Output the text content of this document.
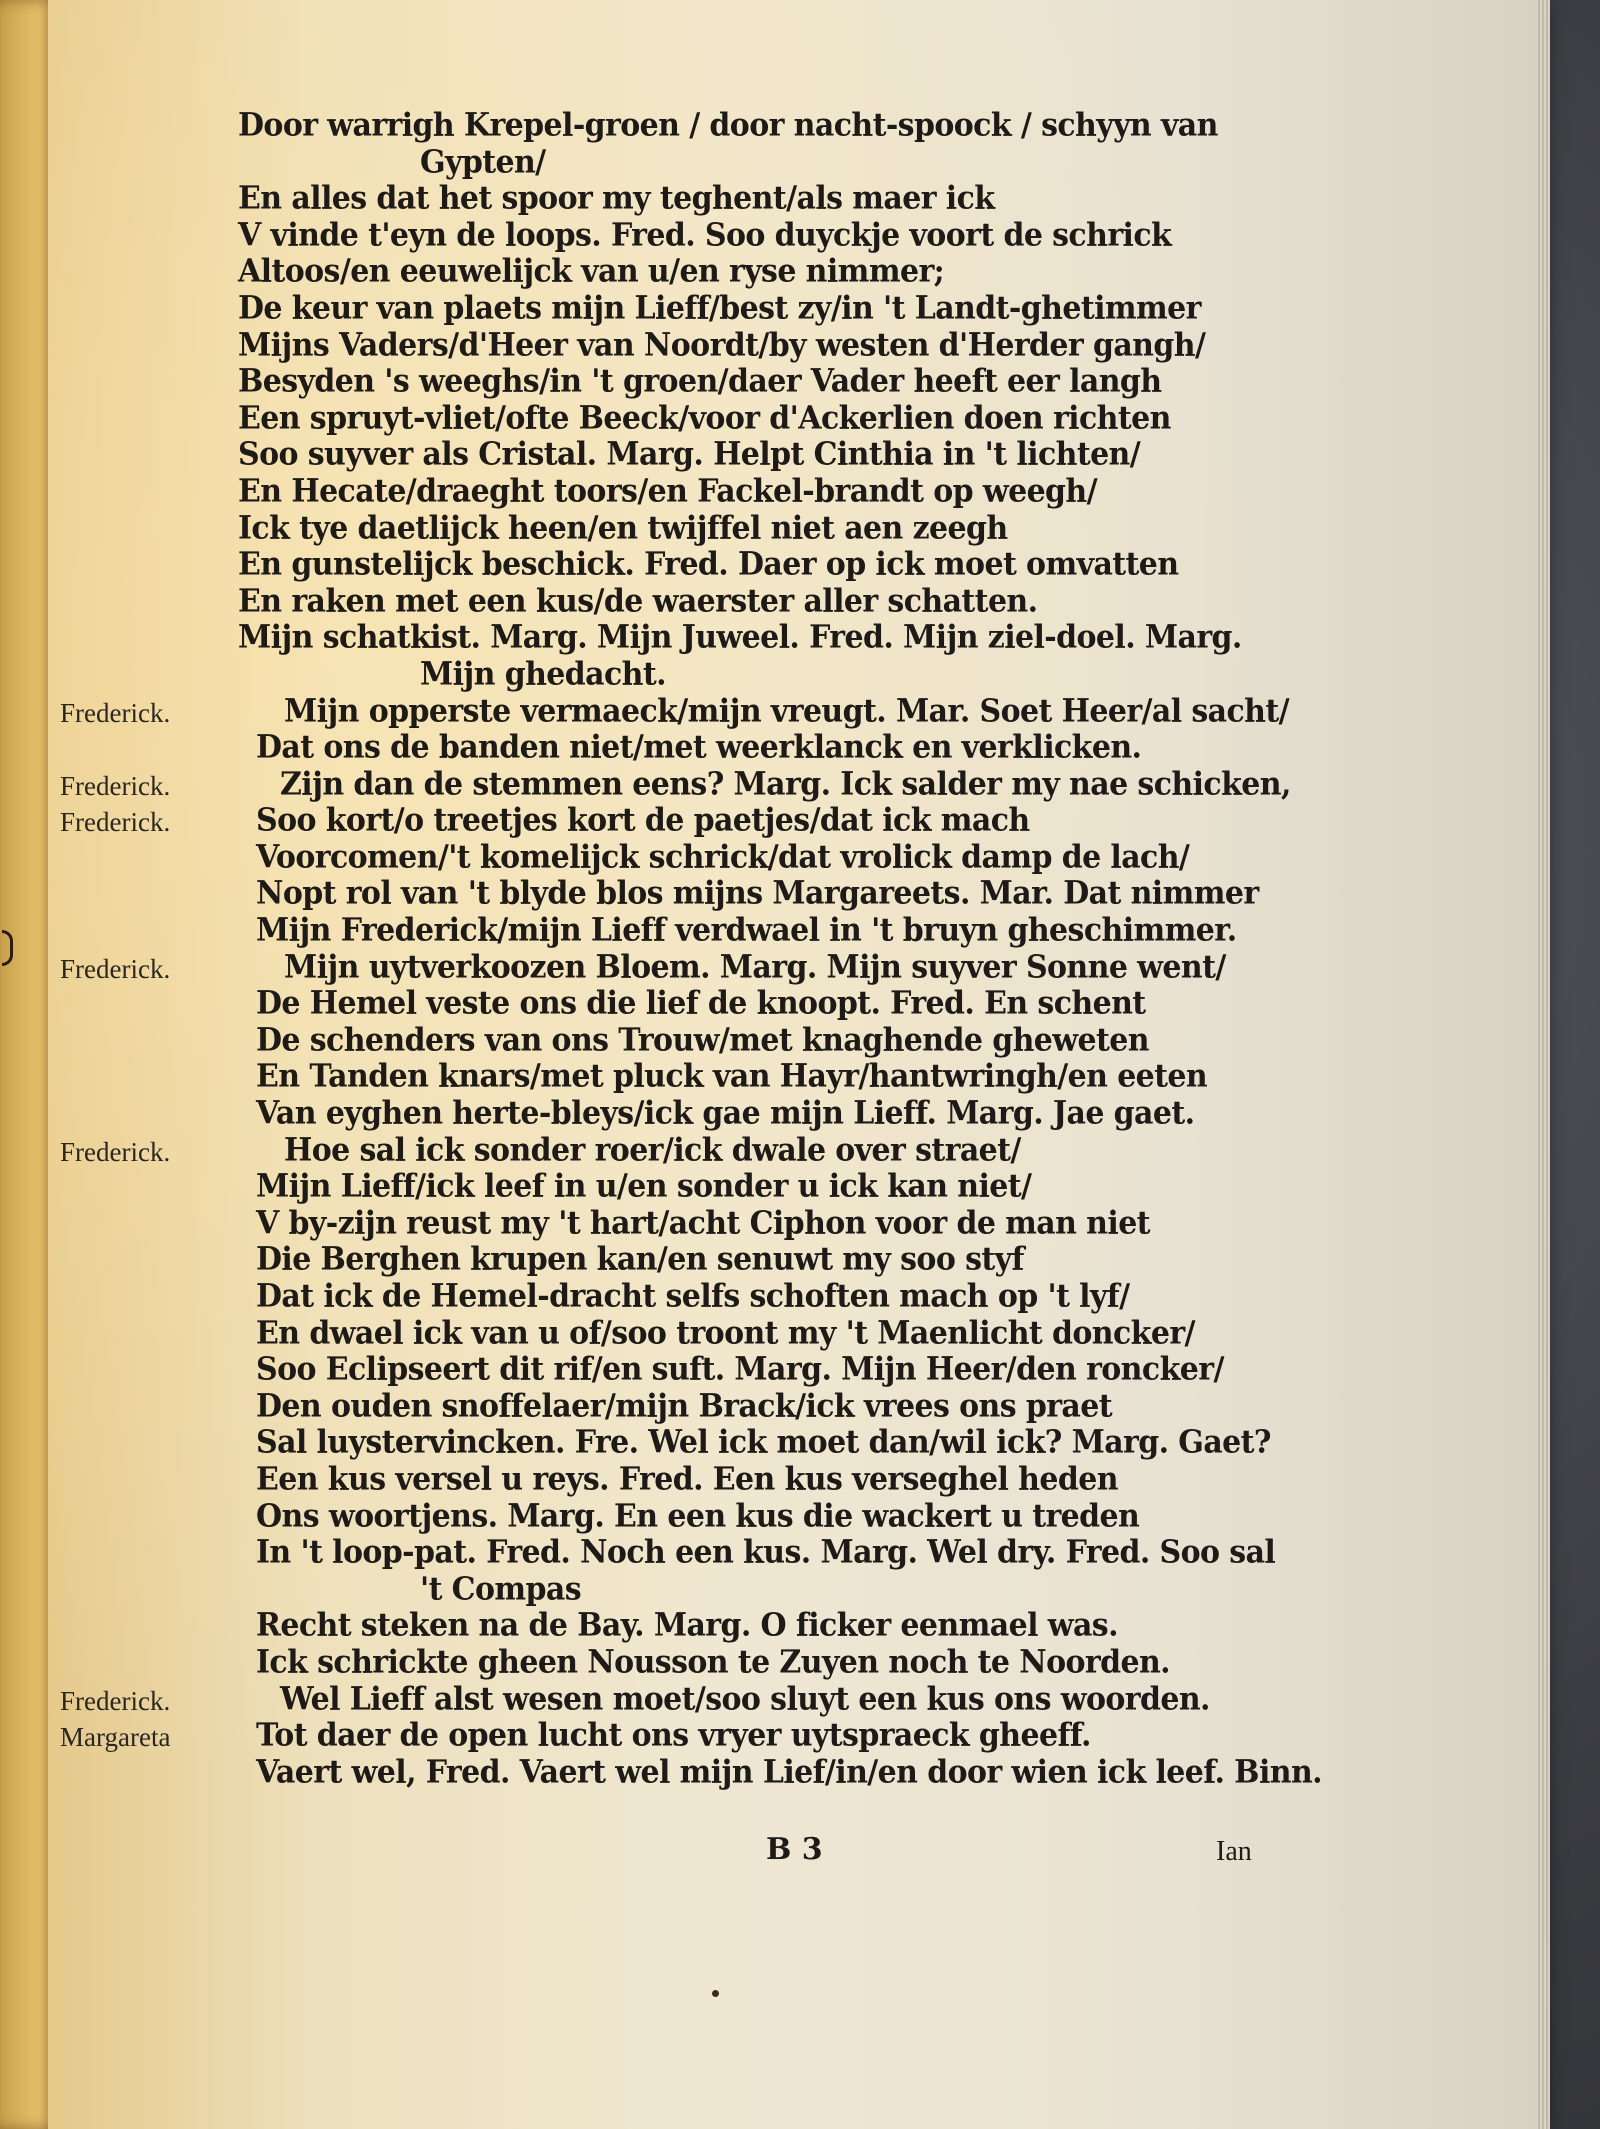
Door warrigh Krepel-groen / door nacht-spoock / schyyn van
Gypten/
En alles dat het spoor my teghent/als maer ick
V vinde t'eyn de loops. Fred. Soo duyckje voort de schrick
Altoos/en eeuwelijck van u/en ryse nimmer;
De keur van plaets mijn Lieff/best zy/in 't Landt-ghetimmer
Mijns Vaders/d'Heer van Noordt/by westen d'Herder gangh/
Besyden 's weeghs/in 't groen/daer Vader heeft eer langh
Een spruyt-vliet/ofte Beeck/voor d'Ackerlien doen richten
Soo suyver als Cristal. Marg. Helpt Cinthia in 't lichten/
En Hecate/draeght toors/en Fackel-brandt op weegh/
Ick tye daetlijck heen/en twijffel niet aen zeegh
En gunstelijck beschick. Fred. Daer op ick moet omvatten
En raken met een kus/de waerster aller schatten.
Mijn schatkist. Marg. Mijn Juweel. Fred. Mijn ziel-doel. Marg.
Mijn ghedacht.
Frederick.	Mijn opperste vermaeck/mijn vreugt. Mar. Soet Heer/al sacht/
Dat ons de banden niet/met weerklanck en verklicken.
Frederick.	Zijn dan de stemmen eens? Marg. Ick salder my nae schicken,
Frederick.	Soo kort/o treetjes kort de paetjes/dat ick mach
Voorcomen/'t komelijck schrick/dat vrolick damp de lach/
Nopt rol van 't blyde blos mijns Margareets. Mar. Dat nimmer
Mijn Frederick/mijn Lieff verdwael in 't bruyn gheschimmer.
Frederick.	Mijn uytverkoozen Bloem. Marg. Mijn suyver Sonne went/
De Hemel veste ons die lief de knoopt. Fred. En schent
De schenders van ons Trouw/met knaghende gheweten
En Tanden knars/met pluck van Hayr/hantwringh/en eeten
Van eyghen herte-bleys/ick gae mijn Lieff. Marg. Jae gaet.
Frederick.	Hoe sal ick sonder roer/ick dwale over straet/
Mijn Lieff/ick leef in u/en sonder u ick kan niet/
V by-zijn reust my 't hart/acht Ciphon voor de man niet
Die Berghen krupen kan/en senuwt my soo styf
Dat ick de Hemel-dracht selfs schoften mach op 't lyf/
En dwael ick van u of/soo troont my 't Maenlicht doncker/
Soo Eclipseert dit rif/en suft. Marg. Mijn Heer/den roncker/
Den ouden snoffelaer/mijn Brack/ick vrees ons praet
Sal luystervincken. Fre. Wel ick moet dan/wil ick? Marg. Gaet?
Een kus versel u reys. Fred. Een kus verseghel heden
Ons woortjens. Marg. En een kus die wackert u treden
In 't loop-pat. Fred. Noch een kus. Marg. Wel dry. Fred. Soo sal
't Compas
Recht steken na de Bay. Marg. O ficker eenmael was.
Ick schrickte gheen Nousson te Zuyen noch te Noorden.
Frederick.	Wel Lieff alst wesen moet/soo sluyt een kus ons woorden.
Margareta	Tot daer de open lucht ons vryer uytspraeck gheeff.
Vaert wel, Fred. Vaert wel mijn Lief/in/en door wien ick leef. Binn.
B 3	Ian
